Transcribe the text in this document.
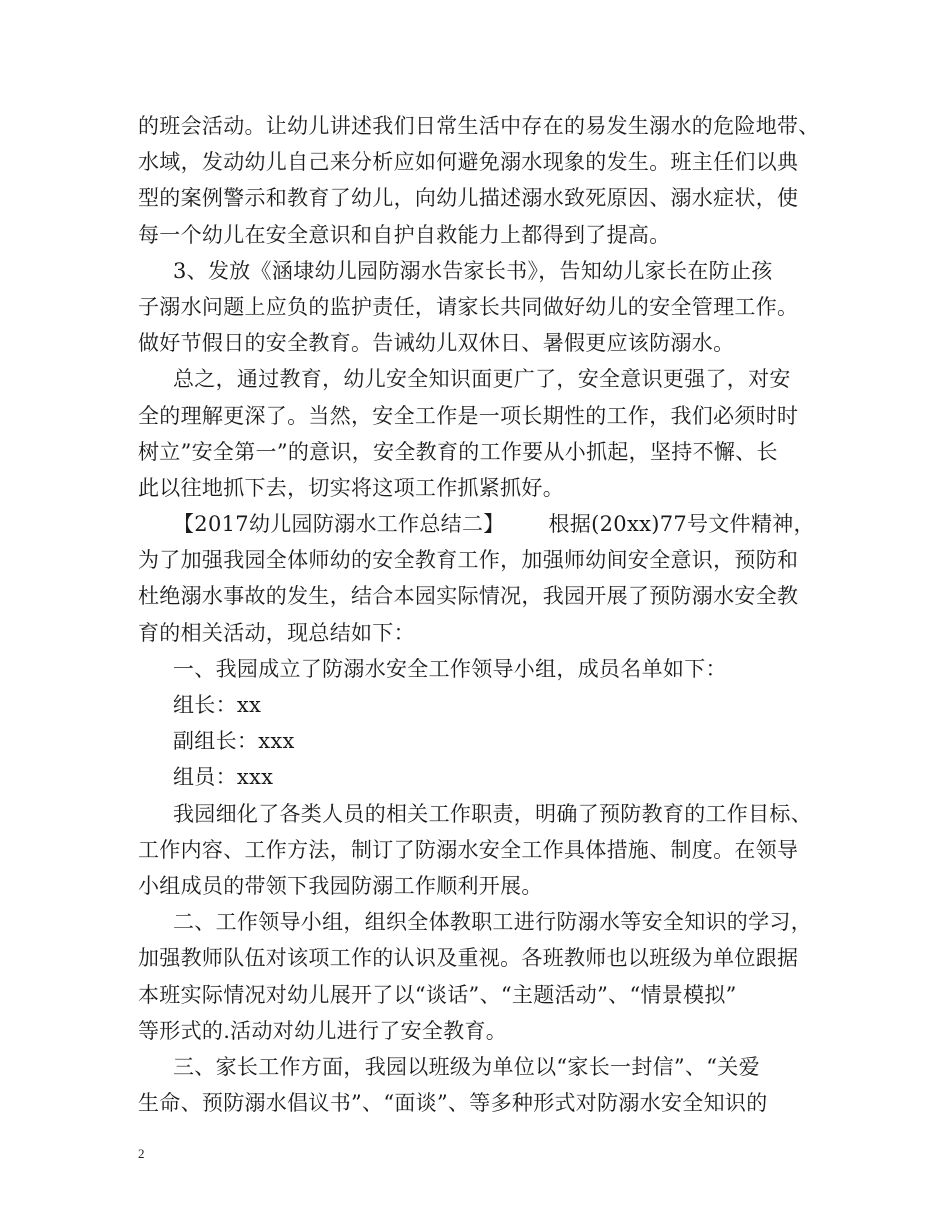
的班会活动。让幼儿讲述我们日常生活中存在的易发生溺水的危险地带、
水域，发动幼儿自己来分析应如何避免溺水现象的发生。班主任们以典
型的案例警示和教育了幼儿，向幼儿描述溺水致死原因、溺水症状，使
每一个幼儿在安全意识和自护自救能力上都得到了提高。
3、发放《涵埭幼儿园防溺水告家长书》，告知幼儿家长在防止孩
子溺水问题上应负的监护责任，请家长共同做好幼儿的安全管理工作。
做好节假日的安全教育。告诫幼儿双休日、暑假更应该防溺水。
总之，通过教育，幼儿安全知识面更广了，安全意识更强了，对安
全的理解更深了。当然，安全工作是一项长期性的工作，我们必须时时
树立”安全第一”的意识，安全教育的工作要从小抓起，坚持不懈、长
此以往地抓下去，切实将这项工作抓紧抓好。
【2017幼儿园防溺水工作总结二】 根据(20xx)77号文件精神，
为了加强我园全体师幼的安全教育工作，加强师幼间安全意识，预防和
杜绝溺水事故的发生，结合本园实际情况，我园开展了预防溺水安全教
育的相关活动，现总结如下：
一、我园成立了防溺水安全工作领导小组，成员名单如下：
组长：xx
副组长：xxx
组员：xxx
我园细化了各类人员的相关工作职责，明确了预防教育的工作目标、
工作内容、工作方法，制订了防溺水安全工作具体措施、制度。在领导
小组成员的带领下我园防溺工作顺利开展。
二、工作领导小组，组织全体教职工进行防溺水等安全知识的学习，
加强教师队伍对该项工作的认识及重视。各班教师也以班级为单位跟据
本班实际情况对幼儿展开了以“谈话”、“主题活动”、“情景模拟”
等形式的.活动对幼儿进行了安全教育。
三、家长工作方面，我园以班级为单位以“家长一封信”、“关爱
生命、预防溺水倡议书”、“面谈”、等多种形式对防溺水安全知识的
2
